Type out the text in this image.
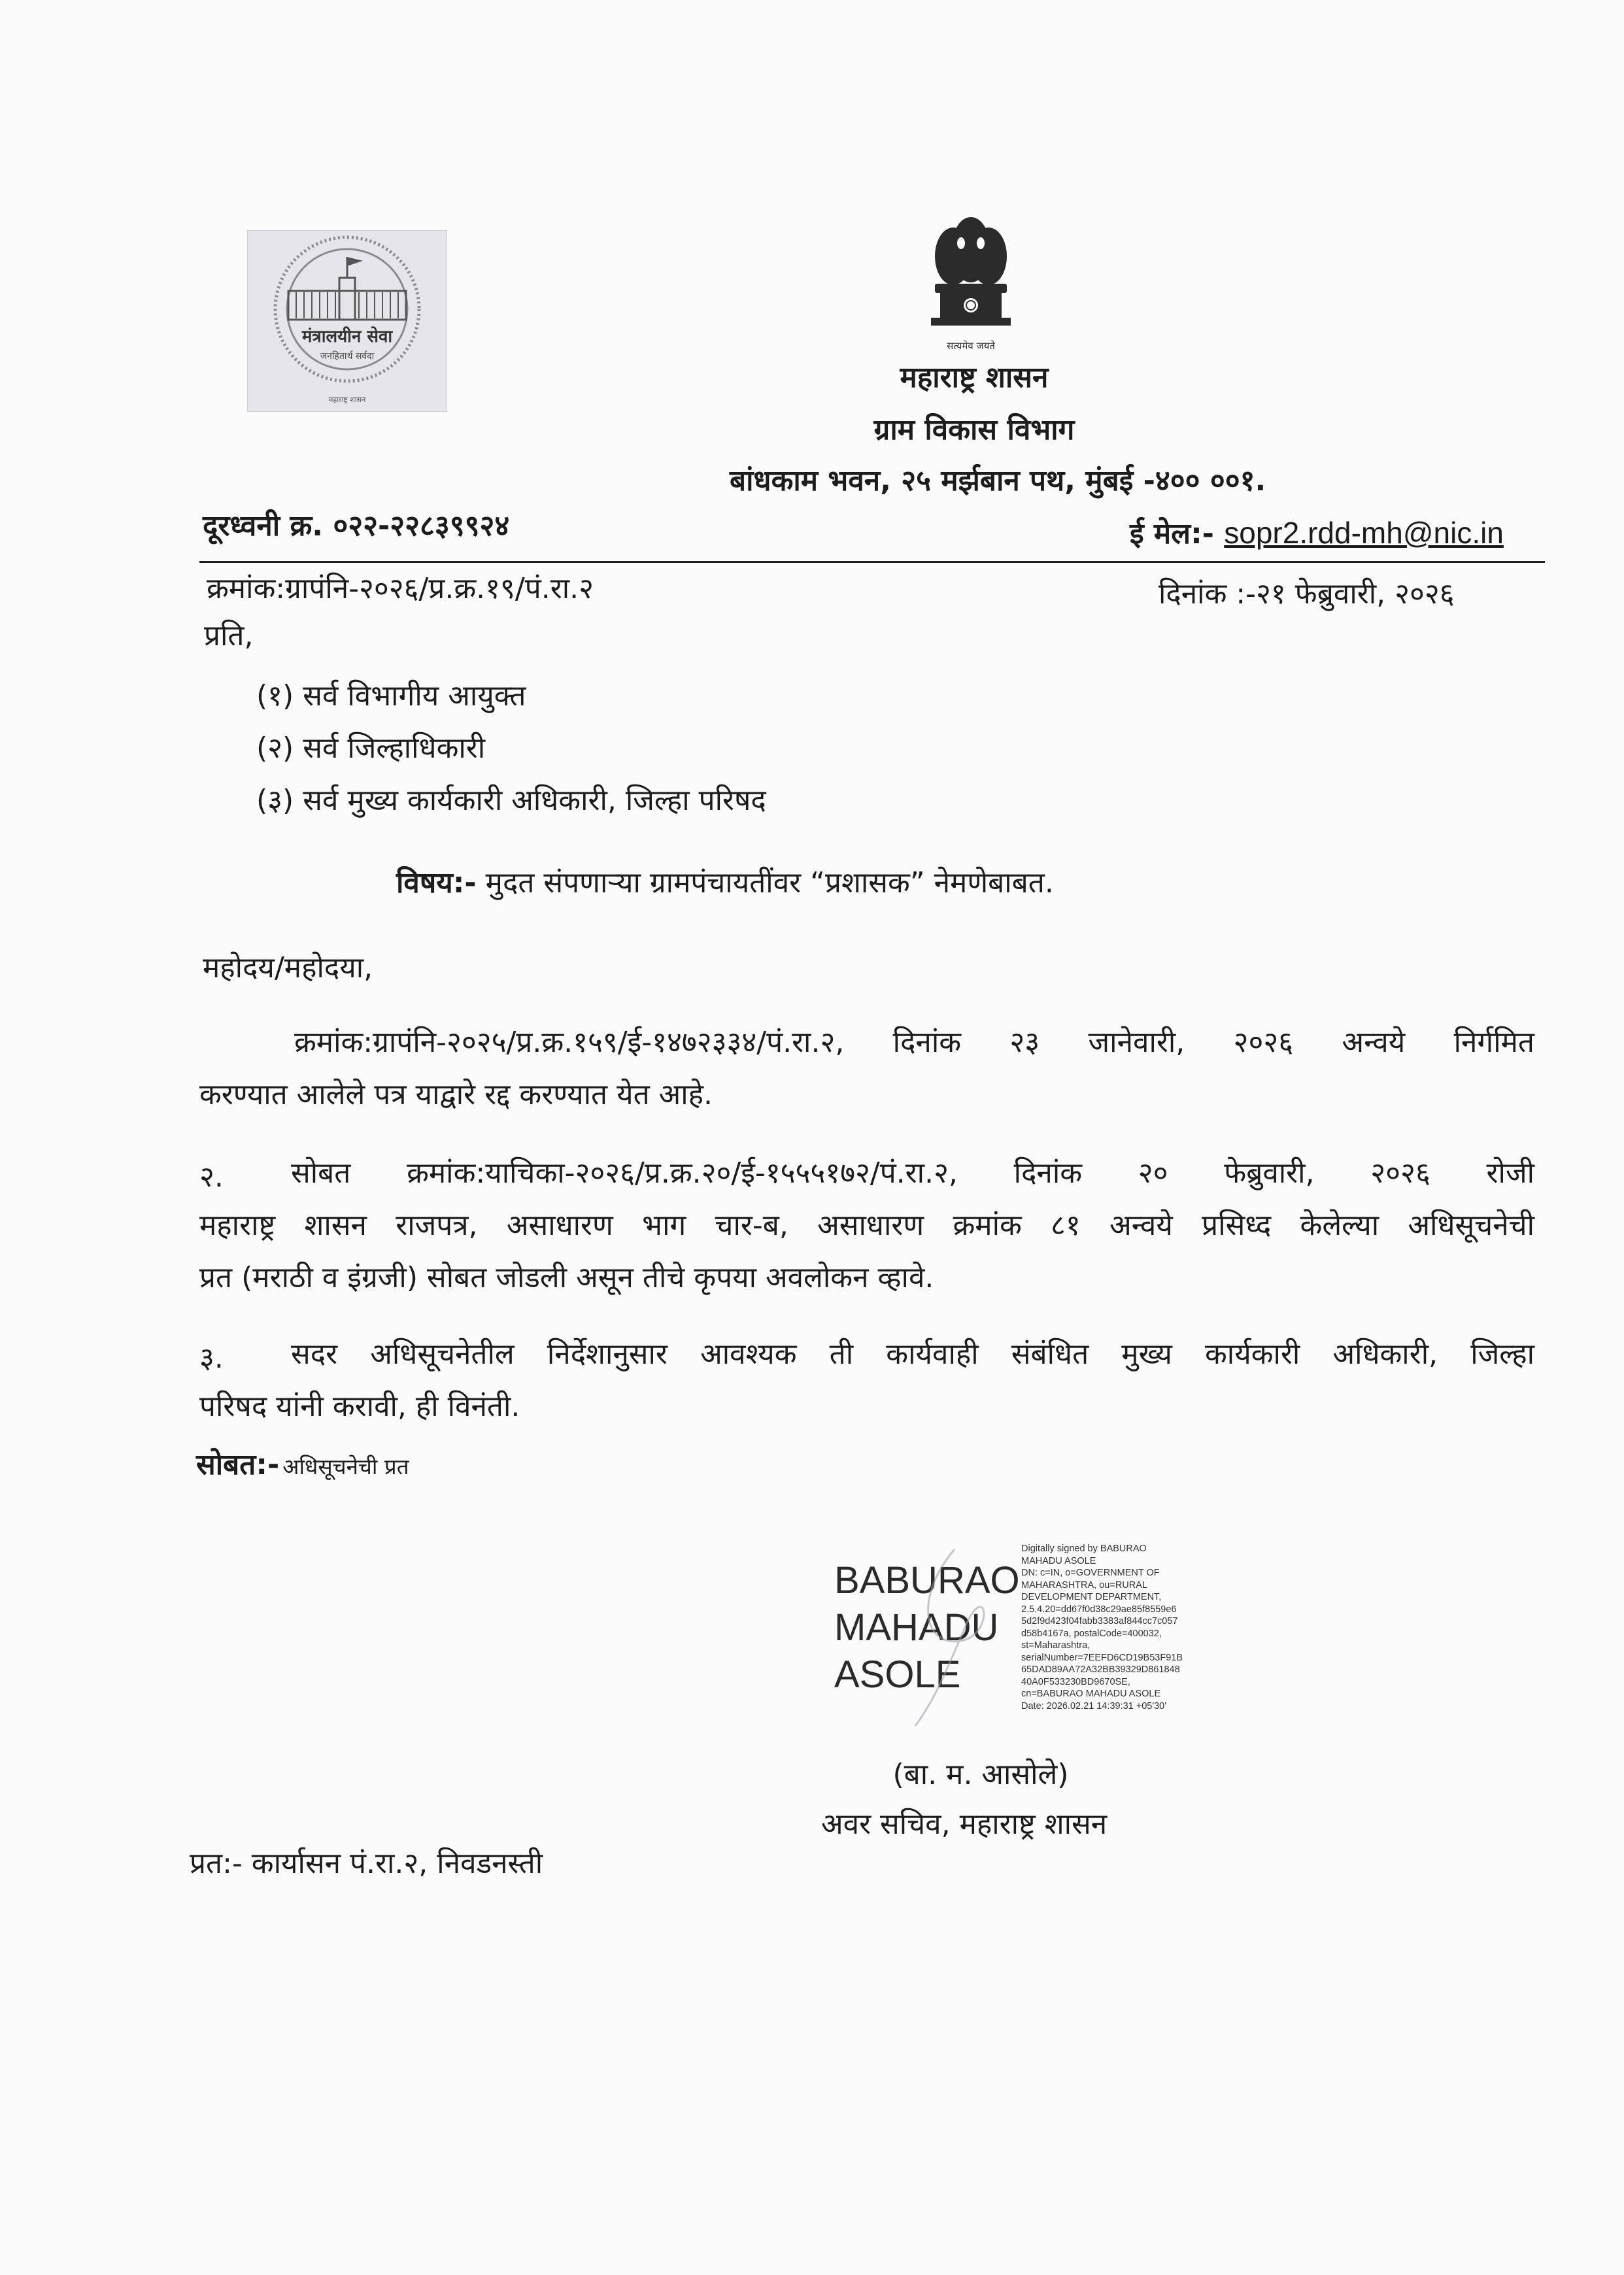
मंत्रालयीन सेवा
जनहितार्थ सर्वदा
महाराष्ट्र शासन
सत्यमेव जयते
महाराष्ट्र शासन
ग्राम विकास विभाग
बांधकाम भवन, २५ मर्झबान पथ, मुंबई -४०० ००१.
दूरध्वनी क्र. ०२२-२२८३९९२४	ई मेल:- sopr2.rdd-mh@nic.in
क्रमांक:ग्रापंनि-२०२६/प्र.क्र.१९/पं.रा.२	दिनांक :-२१ फेब्रुवारी, २०२६
प्रति,
(१) सर्व विभागीय आयुक्त
(२) सर्व जिल्हाधिकारी
(३) सर्व मुख्य कार्यकारी अधिकारी, जिल्हा परिषद
विषय:- मुदत संपणाऱ्या ग्रामपंचायतींवर “प्रशासक” नेमणेबाबत.
महोदय/महोदया,
क्रमांक:ग्रापंनि-२०२५/प्र.क्र.१५९/ई-१४७२३३४/पं.रा.२, दिनांक २३ जानेवारी, २०२६ अन्वये निर्गमित
करण्यात आलेले पत्र याद्वारे रद्द करण्यात येत आहे.
२.	सोबत क्रमांक:याचिका-२०२६/प्र.क्र.२०/ई-१५५५१७२/पं.रा.२, दिनांक २० फेब्रुवारी, २०२६ रोजी
महाराष्ट्र शासन राजपत्र, असाधारण भाग चार-ब, असाधारण क्रमांक ८१ अन्वये प्रसिध्द केलेल्या अधिसूचनेची
प्रत (मराठी व इंग्रजी) सोबत जोडली असून तीचे कृपया अवलोकन व्हावे.
३.	सदर अधिसूचनेतील निर्देशानुसार आवश्यक ती कार्यवाही संबंधित मुख्य कार्यकारी अधिकारी, जिल्हा
परिषद यांनी करावी, ही विनंती.
सोबत:- अधिसूचनेची प्रत
BABURAO
MAHADU
ASOLE
Digitally signed by BABURAO
MAHADU ASOLE
DN: c=IN, o=GOVERNMENT OF
MAHARASHTRA, ou=RURAL
DEVELOPMENT DEPARTMENT,
2.5.4.20=dd67f0d38c29ae85f8559e6
5d2f9d423f04fabb3383af844cc7c057
d58b4167a, postalCode=400032,
st=Maharashtra,
serialNumber=7EEFD6CD19B53F91B
65DAD89AA72A32BB39329D861848
40A0F533230BD9670SE,
cn=BABURAO MAHADU ASOLE
Date: 2026.02.21 14:39:31 +05'30'
(बा. म. आसोले)
अवर सचिव, महाराष्ट्र शासन
प्रत:- कार्यासन पं.रा.२, निवडनस्ती
